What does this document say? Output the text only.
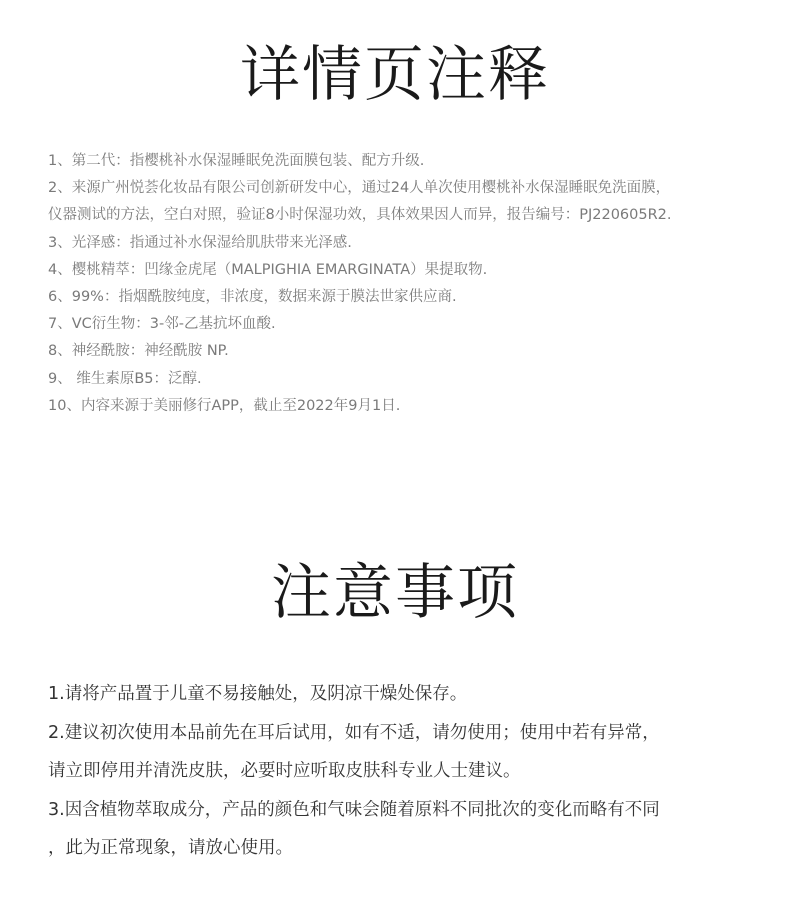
详情页注释
1、第二代：指樱桃补水保湿睡眠免洗面膜包装、配方升级.
2、来源广州悦荟化妆品有限公司创新研发中心，通过24人单次使用樱桃补水保湿睡眠免洗面膜，
仪器测试的方法，空白对照，验证8小时保湿功效，具体效果因人而异，报告编号：PJ220605R2.
3、光泽感：指通过补水保湿给肌肤带来光泽感.
4、樱桃精萃：凹缘金虎尾（MALPIGHIA EMARGINATA）果提取物.
6、99%：指烟酰胺纯度，非浓度，数据来源于膜法世家供应商.
7、VC衍生物：3-邻-乙基抗坏血酸.
8、神经酰胺：神经酰胺 NP.
9、 维生素原B5：泛醇.
10、内容来源于美丽修行APP，截止至2022年9月1日.
注意事项
1.请将产品置于儿童不易接触处，及阴凉干燥处保存。
2.建议初次使用本品前先在耳后试用，如有不适，请勿使用；使用中若有异常，
请立即停用并清洗皮肤，必要时应听取皮肤科专业人士建议。
3.因含植物萃取成分，产品的颜色和气味会随着原料不同批次的变化而略有不同
，此为正常现象，请放心使用。
